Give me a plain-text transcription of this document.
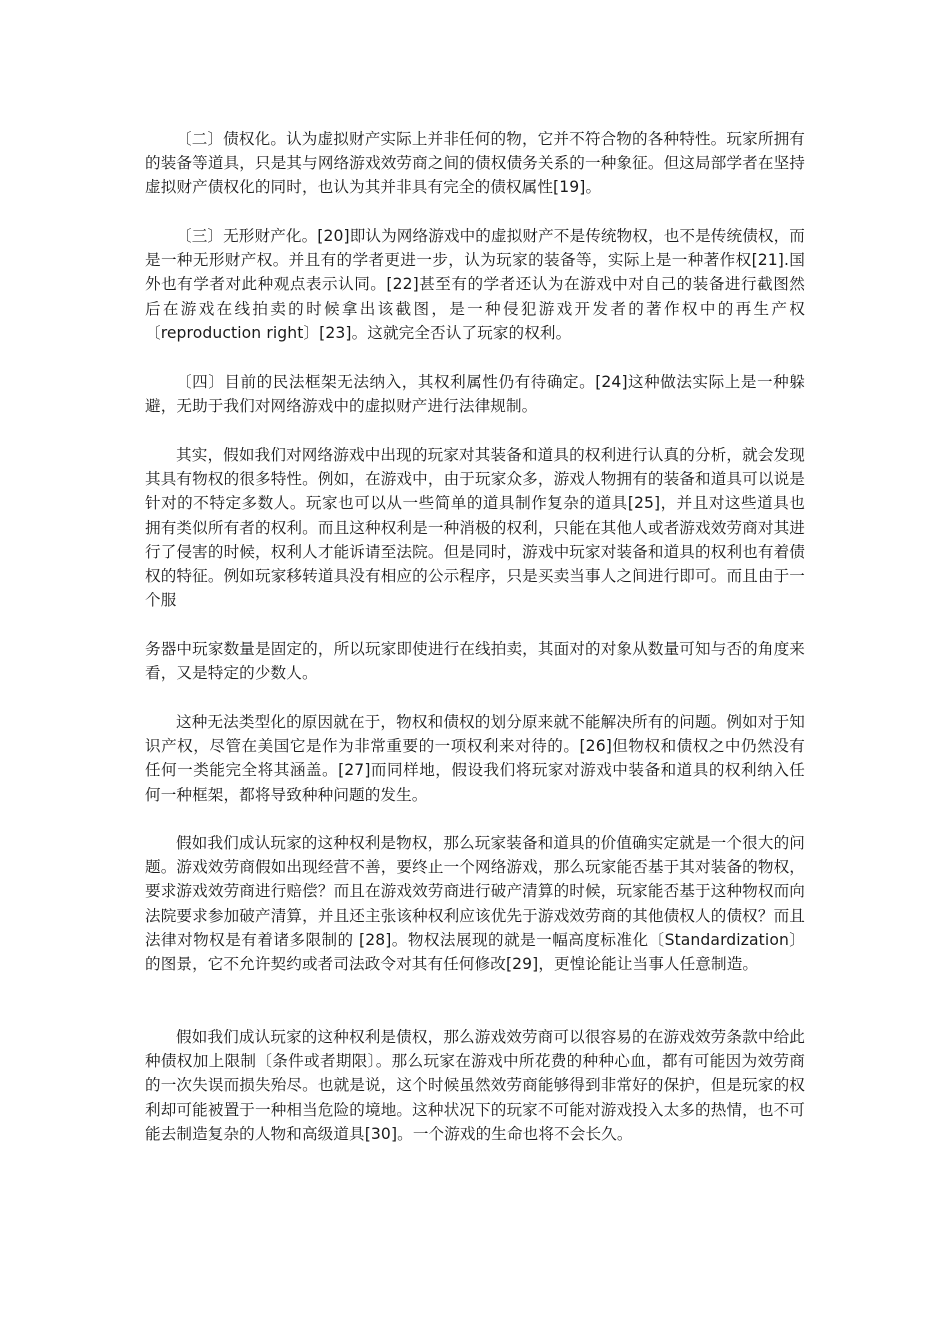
〔二〕债权化。认为虚拟财产实际上并非任何的物，它并不符合物的各种特性。玩家所拥有的装备等道具，只是其与网络游戏效劳商之间的债权债务关系的一种象征。但这局部学者在坚持虚拟财产债权化的同时，也认为其并非具有完全的债权属性[19]。

〔三〕无形财产化。[20]即认为网络游戏中的虚拟财产不是传统物权，也不是传统债权，而是一种无形财产权。并且有的学者更进一步，认为玩家的装备等，实际上是一种著作权[21].国外也有学者对此种观点表示认同。[22]甚至有的学者还认为在游戏中对自己的装备进行截图然后在游戏在线拍卖的时候拿出该截图，是一种侵犯游戏开发者的著作权中的再生产权〔reproduction right〕[23]。这就完全否认了玩家的权利。

〔四〕目前的民法框架无法纳入，其权利属性仍有待确定。[24]这种做法实际上是一种躲避，无助于我们对网络游戏中的虚拟财产进行法律规制。

其实，假如我们对网络游戏中出现的玩家对其装备和道具的权利进行认真的分析，就会发现其具有物权的很多特性。例如，在游戏中，由于玩家众多，游戏人物拥有的装备和道具可以说是针对的不特定多数人。玩家也可以从一些简单的道具制作复杂的道具[25]，并且对这些道具也拥有类似所有者的权利。而且这种权利是一种消极的权利，只能在其他人或者游戏效劳商对其进行了侵害的时候，权利人才能诉请至法院。但是同时，游戏中玩家对装备和道具的权利也有着债权的特征。例如玩家移转道具没有相应的公示程序，只是买卖当事人之间进行即可。而且由于一个服

务器中玩家数量是固定的，所以玩家即使进行在线拍卖，其面对的对象从数量可知与否的角度来看，又是特定的少数人。

这种无法类型化的原因就在于，物权和债权的划分原来就不能解决所有的问题。例如对于知识产权，尽管在美国它是作为非常重要的一项权利来对待的。[26]但物权和债权之中仍然没有任何一类能完全将其涵盖。[27]而同样地，假设我们将玩家对游戏中装备和道具的权利纳入任何一种框架，都将导致种种问题的发生。

假如我们成认玩家的这种权利是物权，那么玩家装备和道具的价值确实定就是一个很大的问题。游戏效劳商假如出现经营不善，要终止一个网络游戏，那么玩家能否基于其对装备的物权，要求游戏效劳商进行赔偿？而且在游戏效劳商进行破产清算的时候，玩家能否基于这种物权而向法院要求参加破产清算，并且还主张该种权利应该优先于游戏效劳商的其他债权人的债权？而且法律对物权是有着诸多限制的 [28]。物权法展现的就是一幅高度标准化〔Standardization〕的图景，它不允许契约或者司法政令对其有任何修改[29]，更惶论能让当事人任意制造。

假如我们成认玩家的这种权利是债权，那么游戏效劳商可以很容易的在游戏效劳条款中给此种债权加上限制〔条件或者期限〕。那么玩家在游戏中所花费的种种心血，都有可能因为效劳商的一次失误而损失殆尽。也就是说，这个时候虽然效劳商能够得到非常好的保护，但是玩家的权利却可能被置于一种相当危险的境地。这种状况下的玩家不可能对游戏投入太多的热情，也不可能去制造复杂的人物和高级道具[30]。一个游戏的生命也将不会长久。
